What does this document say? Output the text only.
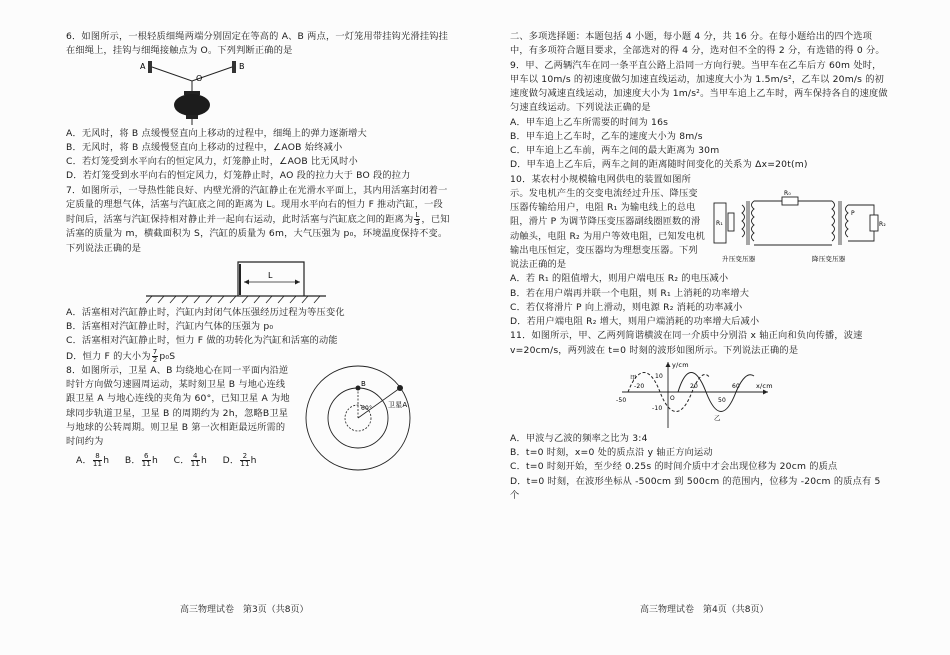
6．如图所示，一根轻质细绳两端分别固定在等高的 A、B 两点，一灯笼用带挂钩光滑挂钩挂在细绳上，挂钩与细绳接触点为 O。下列判断正确的是

A	B
O

A．无风时，将 B 点缓慢竖直向上移动的过程中，细绳上的弹力逐渐增大

B．无风时，将 B 点缓慢竖直向上移动的过程中，∠AOB 始终减小

C．若灯笼受到水平向右的恒定风力，灯笼静止时，∠AOB 比无风时小

D．若灯笼受到水平向右的恒定风力，灯笼静止时，AO 段的拉力大于 BO 段的拉力

7．如图所示，一导热性能良好、内壁光滑的汽缸静止在光滑水平面上，其内用活塞封闭着一定质量的理想气体，活塞与汽缸底之间的距离为 L。现用水平向右的恒力 F 推动汽缸，一段时间后，活塞与汽缸保持相对静止并一起向右运动，此时活塞与汽缸底之间的距离为 $\frac{L}{3}$ ，已知活塞的质量为 m，横截面积为 S，汽缸的质量为 6m，大气压强为 p₀，环境温度保持不变。下列说法正确的是

L

A．活塞相对汽缸静止时，汽缸内封闭气体压强经历过程为等压变化

B．活塞相对汽缸静止时，汽缸内气体的压强为 p₀

C．活塞相对汽缸静止时，恒力 F 做的功转化为汽缸和活塞的动能

D．恒力 F 的大小为 $\frac{7}{2} p_0S$

8．如图所示，卫星 A、B 均绕地心在同一平面内沿逆时针方向做匀速圆周运动，某时刻卫星 B 与地心连线跟卫星 A 与地心连线的夹角为 60°，已知卫星 A 为地球同步轨道卫星，卫星 B 的周期约为 2h，忽略B卫星与地球的公转周期。则卫星 B 第一次相距最远所需的时间约为

卫星A
B
60°

A． $\frac{8}{11}$ h B． $\frac{6}{11}$ h C． $\frac{4}{11}$ h D． $\frac{2}{11}$ h

高三物理试卷　第3页（共8页）

二、多项选择题：本题包括 4 小题，每小题 4 分，共 16 分。在每小题给出的四个选项中，有多项符合题目要求，全部选对的得 4 分，选对但不全的得 2 分，有选错的得 0 分。

9．甲、乙两辆汽车在同一条平直公路上沿同一方向行驶。当甲车在乙车后方 60m 处时，甲车以 10m/s 的初速度做匀加速直线运动，加速度大小为 1.5m/s²，乙车以 20m/s 的初速度做匀减速直线运动，加速度大小为 1m/s²。当甲车追上乙车时，两车保持各自的速度做匀速直线运动。下列说法正确的是

A．甲车追上乙车所需要的时间为 16s

B．甲车追上乙车时，乙车的速度大小为 8m/s

C．甲车追上乙车前，两车之间的最大距离为 30m

D．甲车追上乙车后，两车之间的距离随时间变化的关系为 Δx=20t(m)

10．某农村小规模输电网供电的装置如图所示。发电机产生的交变电流经过升压、降压变压器传输给用户，电阻 R₁ 为输电线上的总电阻，滑片 P 为调节降压变压器副线圈匝数的滑动触头，电阻 R₂ 为用户等效电阻，已知发电机输出电压恒定，变压器均为理想变压器。下列说法正确的是

R₁
R₀
P
R₂
升压变压器	降压变压器

A．若 R₁ 的阻值增大，则用户端电压 R₂ 的电压减小

B．若在用户端再并联一个电阻，则 R₁ 上消耗的功率增大

C．若仅将滑片 P 向上滑动，则电源 R₂ 消耗的功率减小

D．若用户端电阻 R₂ 增大，则用户端消耗的功率增大后减小

11．如图所示，甲、乙两列简谐横波在同一介质中分别沿 x 轴正向和负向传播，波速 v=20cm/s，两列波在 t=0 时刻的波形如图所示。下列说法正确的是

y/cm
x/cm
10
-10
-20	20	60
-50	50
O
甲
乙

A．甲波与乙波的频率之比为 3:4

B．t=0 时刻，x=0 处的质点沿 y 轴正方向运动

C．t=0 时刻开始，至少经 0.25s 的时间介质中才会出现位移为 20cm 的质点

D．t=0 时刻，在波形坐标从 -500cm 到 500cm 的范围内，位移为 -20cm 的质点有 5 个

高三物理试卷　第4页（共8页）
